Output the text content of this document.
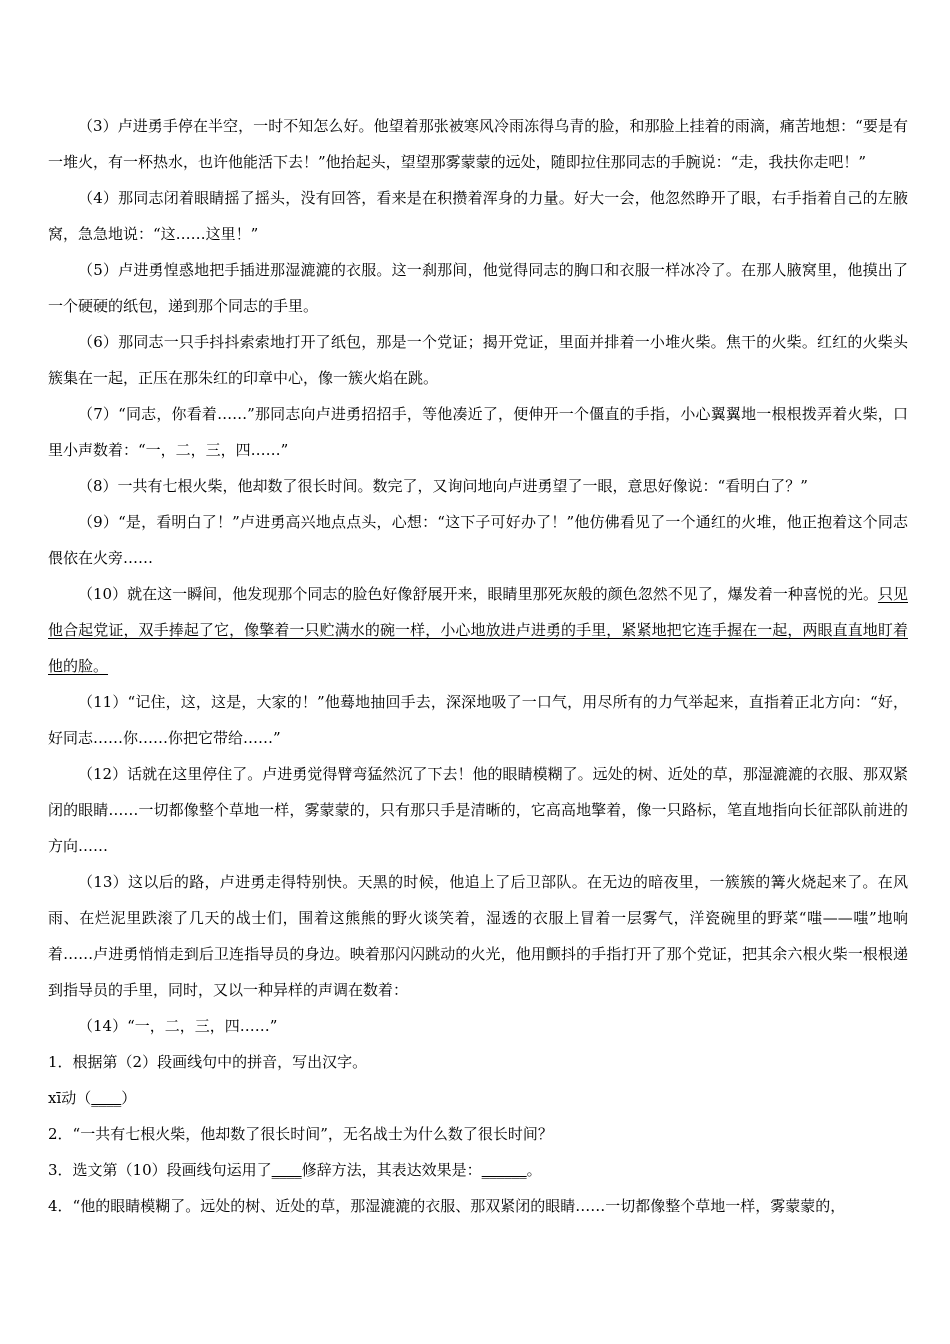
（3）卢进勇手停在半空，一时不知怎么好。他望着那张被寒风冷雨冻得乌青的脸，和那脸上挂着的雨滴，痛苦地想：“要是有一堆火，有一杯热水，也许他能活下去！”他抬起头，望望那雾蒙蒙的远处，随即拉住那同志的手腕说：“走，我扶你走吧！”

（4）那同志闭着眼睛摇了摇头，没有回答，看来是在积攒着浑身的力量。好大一会，他忽然睁开了眼，右手指着自己的左腋窝，急急地说：“这……这里！”

（5）卢进勇惶惑地把手插进那湿漉漉的衣服。这一刹那间，他觉得同志的胸口和衣服一样冰冷了。在那人腋窝里，他摸出了一个硬硬的纸包，递到那个同志的手里。

（6）那同志一只手抖抖索索地打开了纸包，那是一个党证；揭开党证，里面并排着一小堆火柴。焦干的火柴。红红的火柴头簇集在一起，正压在那朱红的印章中心，像一簇火焰在跳。

（7）“同志，你看着……”那同志向卢进勇招招手，等他凑近了，便伸开一个僵直的手指，小心翼翼地一根根拨弄着火柴，口里小声数着：“一，二，三，四……”

（8）一共有七根火柴，他却数了很长时间。数完了，又询问地向卢进勇望了一眼，意思好像说：“看明白了？”

（9）“是，看明白了！”卢进勇高兴地点点头，心想：“这下子可好办了！”他仿佛看见了一个通红的火堆，他正抱着这个同志偎依在火旁……

（10）就在这一瞬间，他发现那个同志的脸色好像舒展开来，眼睛里那死灰般的颜色忽然不见了，爆发着一种喜悦的光。只见他合起党证，双手捧起了它，像擎着一只贮满水的碗一样，小心地放进卢进勇的手里，紧紧地把它连手握在一起，两眼直直地盯着他的脸。

（11）“记住，这，这是，大家的！”他蓦地抽回手去，深深地吸了一口气，用尽所有的力气举起来，直指着正北方向：“好，好同志……你……你把它带给……”

（12）话就在这里停住了。卢进勇觉得臂弯猛然沉了下去！他的眼睛模糊了。远处的树、近处的草，那湿漉漉的衣服、那双紧闭的眼睛……一切都像整个草地一样，雾蒙蒙的，只有那只手是清晰的，它高高地擎着，像一只路标，笔直地指向长征部队前进的方向……

（13）这以后的路，卢进勇走得特别快。天黑的时候，他追上了后卫部队。在无边的暗夜里，一簇簇的篝火烧起来了。在风雨、在烂泥里跌滚了几天的战士们，围着这熊熊的野火谈笑着，湿透的衣服上冒着一层雾气，洋瓷碗里的野菜“嗤——嗤”地响着……卢进勇悄悄走到后卫连指导员的身边。映着那闪闪跳动的火光，他用颤抖的手指打开了那个党证，把其余六根火柴一根根递到指导员的手里，同时，又以一种异样的声调在数着：

（14）“一，二，三，四……”

1．根据第（2）段画线句中的拼音，写出汉字。

xī动（____）

2．“一共有七根火柴，他却数了很长时间”，无名战士为什么数了很长时间？

3．选文第（10）段画线句运用了____修辞方法，其表达效果是：______。

4．“他的眼睛模糊了。远处的树、近处的草，那湿漉漉的衣服、那双紧闭的眼睛……一切都像整个草地一样，雾蒙蒙的，
